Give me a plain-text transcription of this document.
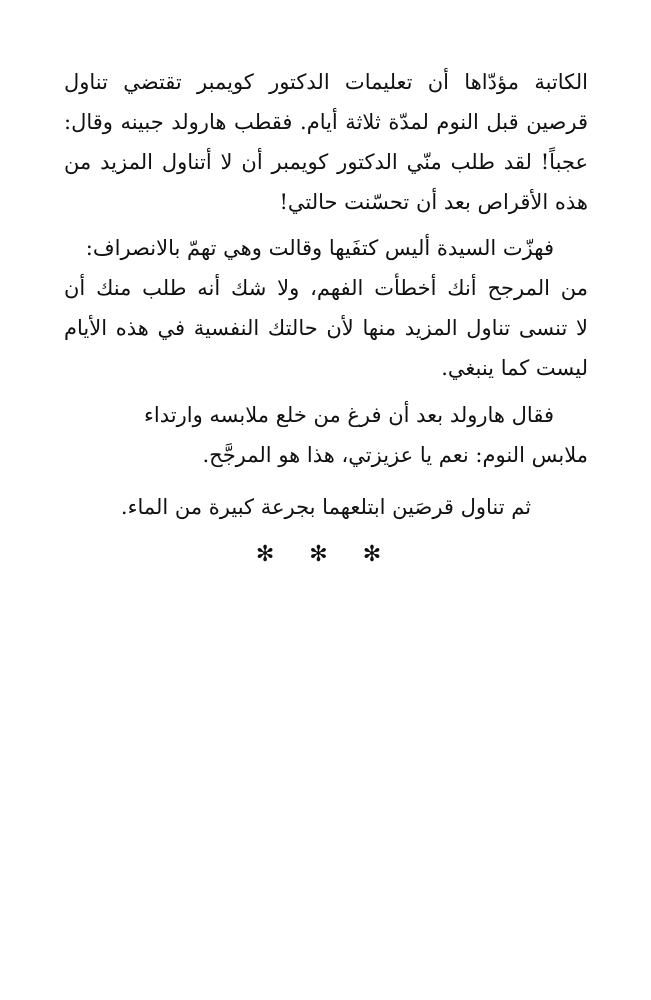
الكاتبة مؤدّاها أن تعليمات الدكتور كويمبر تقتضي تناول
قرصين قبل النوم لمدّة ثلاثة أيام. فقطب هارولد جبينه وقال:
عجباً! لقد طلب منّي الدكتور كويمبر أن لا أتناول المزيد من
هذه الأقراص بعد أن تحسّنت حالتي!
فهزّت السيدة أليس كتفَيها وقالت وهي تهمّ بالانصراف:
من المرجح أنك أخطأت الفهم، ولا شك أنه طلب منك أن
لا تنسى تناول المزيد منها لأن حالتك النفسية في هذه الأيام
ليست كما ينبغي.
فقال هارولد بعد أن فرغ من خلع ملابسه وارتداء
ملابس النوم: نعم يا عزيزتي، هذا هو المرجَّح.
ثم تناول قرصَين ابتلعهما بجرعة كبيرة من الماء.
✻ ✻ ✻
